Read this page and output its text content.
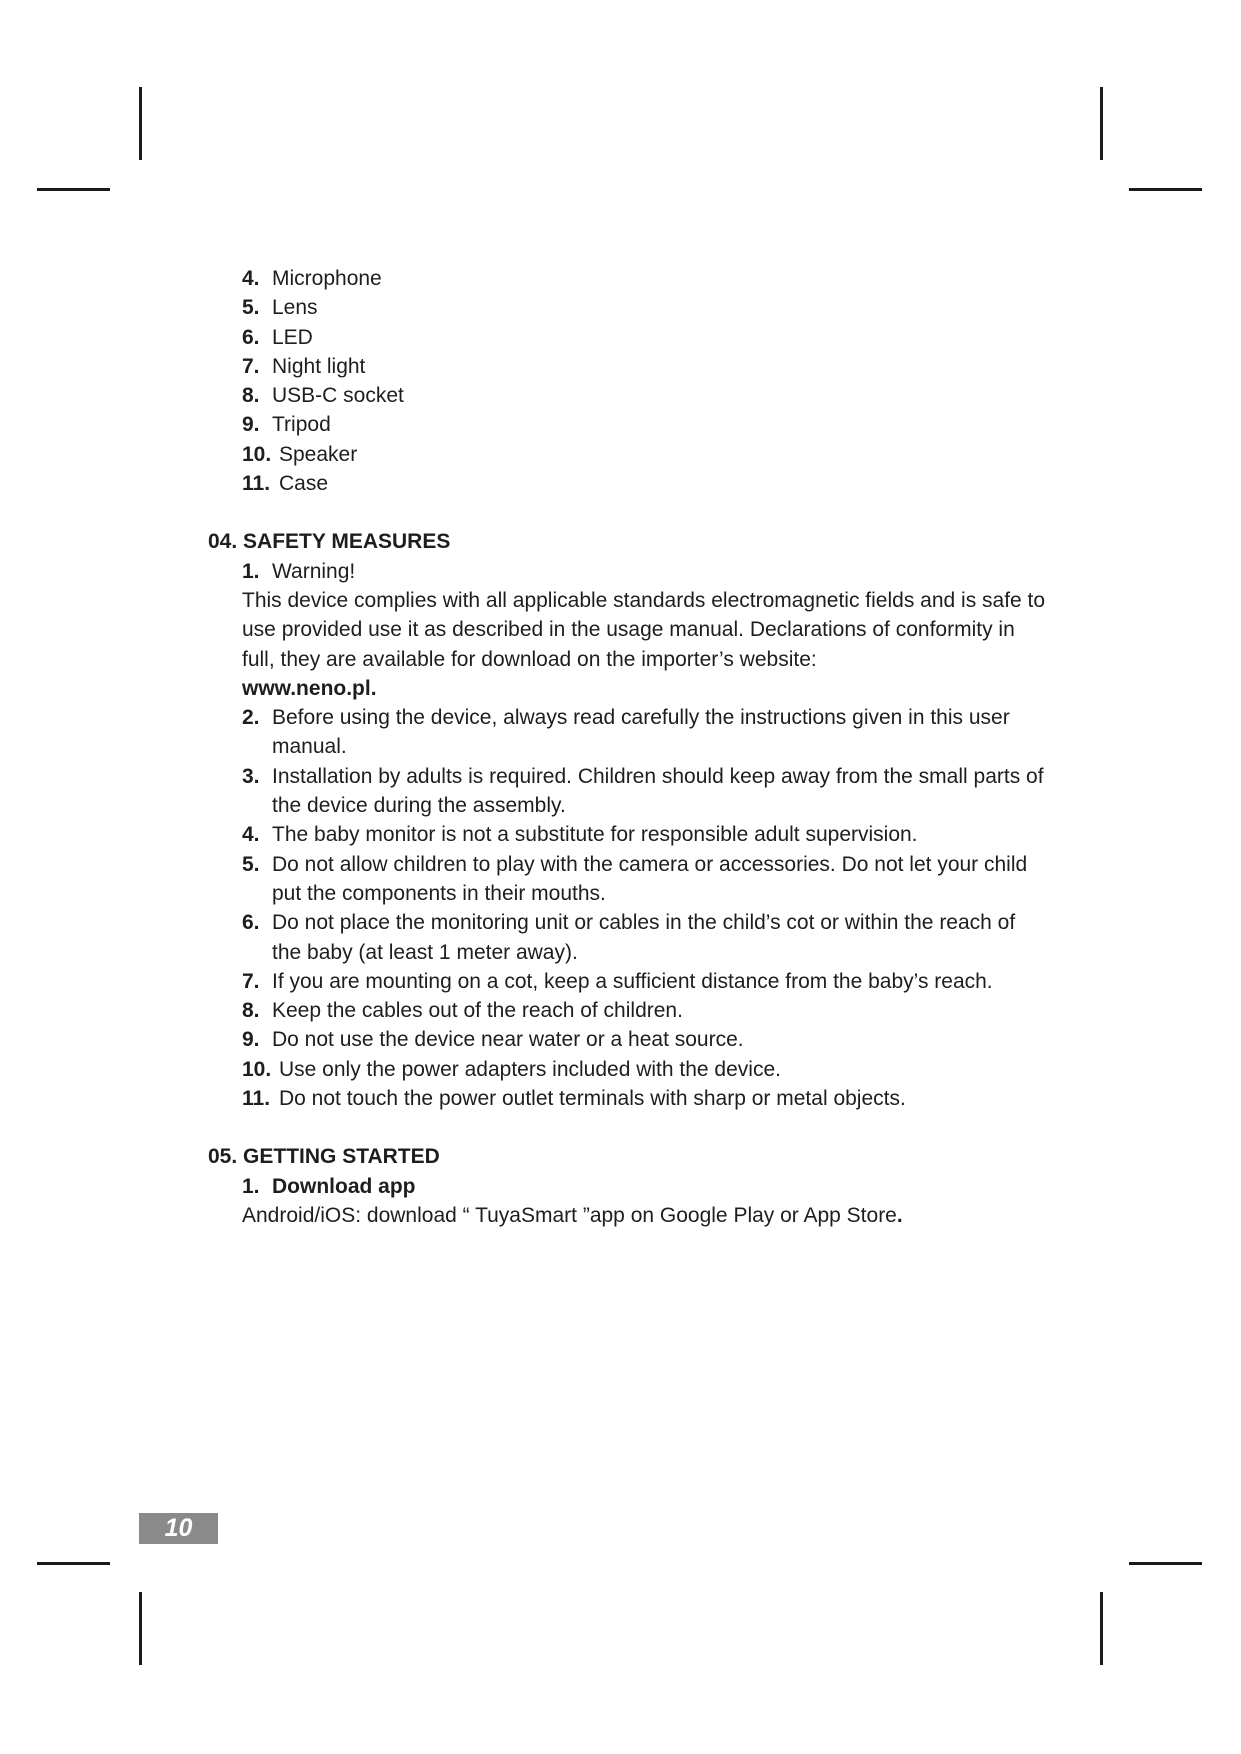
4. Microphone
5. Lens
6. LED
7. Night light
8. USB-C socket
9. Tripod
10. Speaker
11. Case
04. SAFETY MEASURES
1. Warning!
This device complies with all applicable standards electromagnetic fields and is safe to use provided use it as described in the usage manual. Declarations of conformity in full, they are available for download on the importer’s website:
www.neno.pl.
2. Before using the device, always read carefully the instructions given in this user manual.
3. Installation by adults is required. Children should keep away from the small parts of the device during the assembly.
4. The baby monitor is not a substitute for responsible adult supervision.
5. Do not allow children to play with the camera or accessories. Do not let your child put the components in their mouths.
6. Do not place the monitoring unit or cables in the child’s cot or within the reach of the baby (at least 1 meter away).
7. If you are mounting on a cot, keep a sufficient distance from the baby’s reach.
8. Keep the cables out of the reach of children.
9. Do not use the device near water or a heat source.
10. Use only the power adapters included with the device.
11. Do not touch the power outlet terminals with sharp or metal objects.
05. GETTING STARTED
1. Download app
Android/iOS: download “ TuyaSmart ”app on Google Play or App Store.
10
